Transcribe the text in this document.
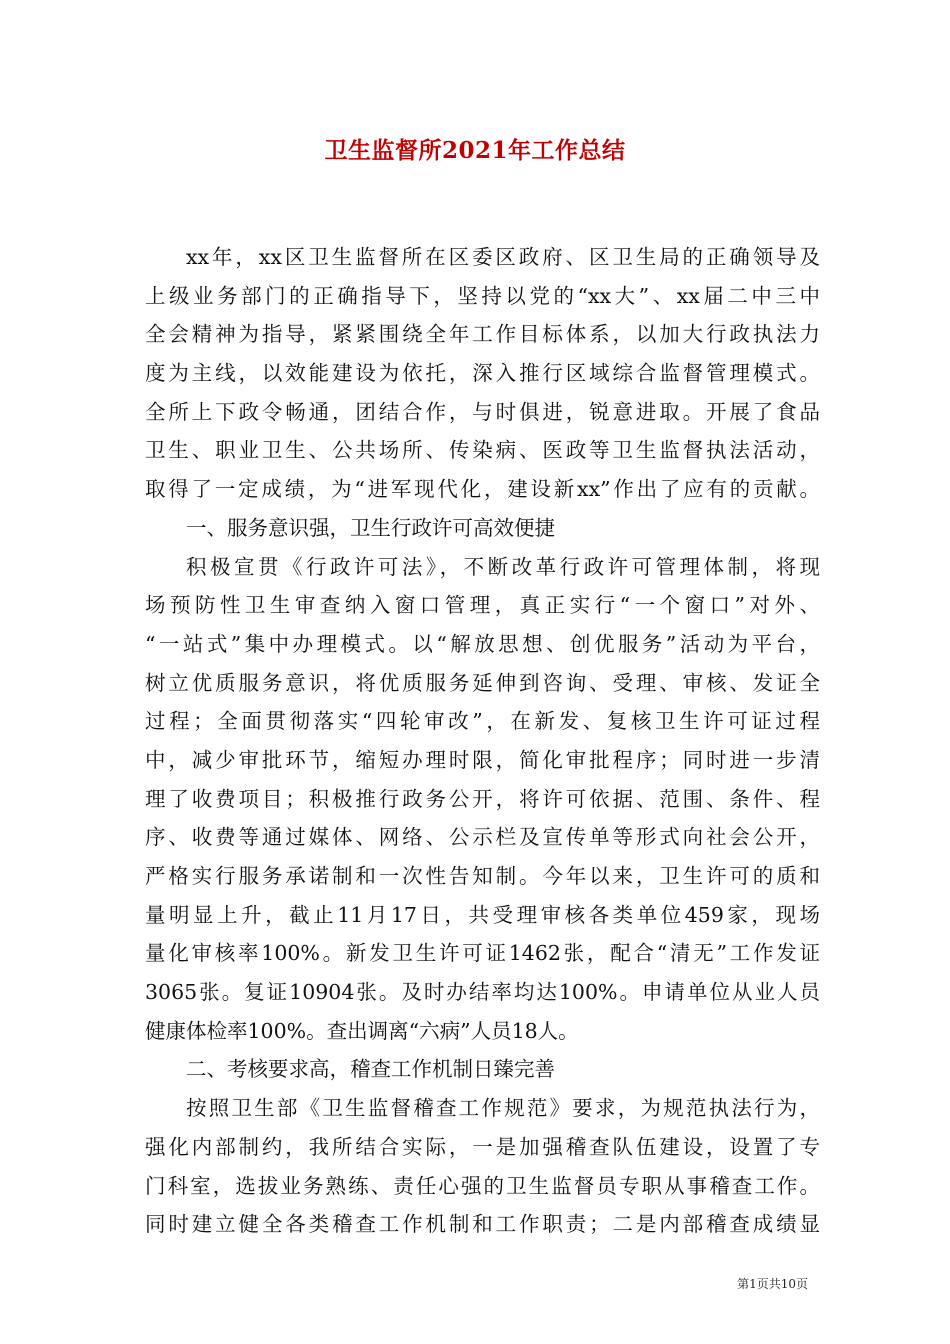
卫生监督所2021年工作总结
xx年，xx区卫生监督所在区委区政府、区卫生局的正确领导及
上级业务部门的正确指导下，坚持以党的“xx大”、xx届二中三中
全会精神为指导，紧紧围绕全年工作目标体系，以加大行政执法力
度为主线，以效能建设为依托，深入推行区域综合监督管理模式。
全所上下政令畅通，团结合作，与时俱进，锐意进取。开展了食品
卫生、职业卫生、公共场所、传染病、医政等卫生监督执法活动，
取得了一定成绩，为“进军现代化，建设新xx”作出了应有的贡献。
一、服务意识强，卫生行政许可高效便捷
积极宣贯《行政许可法》，不断改革行政许可管理体制，将现
场预防性卫生审查纳入窗口管理，真正实行“一个窗口”对外、
“一站式”集中办理模式。以“解放思想、创优服务”活动为平台，
树立优质服务意识，将优质服务延伸到咨询、受理、审核、发证全
过程；全面贯彻落实“四轮审改”，在新发、复核卫生许可证过程
中，减少审批环节，缩短办理时限，简化审批程序；同时进一步清
理了收费项目；积极推行政务公开，将许可依据、范围、条件、程
序、收费等通过媒体、网络、公示栏及宣传单等形式向社会公开，
严格实行服务承诺制和一次性告知制。今年以来，卫生许可的质和
量明显上升，截止11月17日，共受理审核各类单位459家，现场
量化审核率100%。新发卫生许可证1462张，配合“清无”工作发证
3065张。复证10904张。及时办结率均达100%。申请单位从业人员
健康体检率100%。查出调离“六病”人员18人。
二、考核要求高，稽查工作机制日臻完善
按照卫生部《卫生监督稽查工作规范》要求，为规范执法行为，
强化内部制约，我所结合实际，一是加强稽查队伍建设，设置了专
门科室，选拔业务熟练、责任心强的卫生监督员专职从事稽查工作。
同时建立健全各类稽查工作机制和工作职责；二是内部稽查成绩显
第1页共10页
